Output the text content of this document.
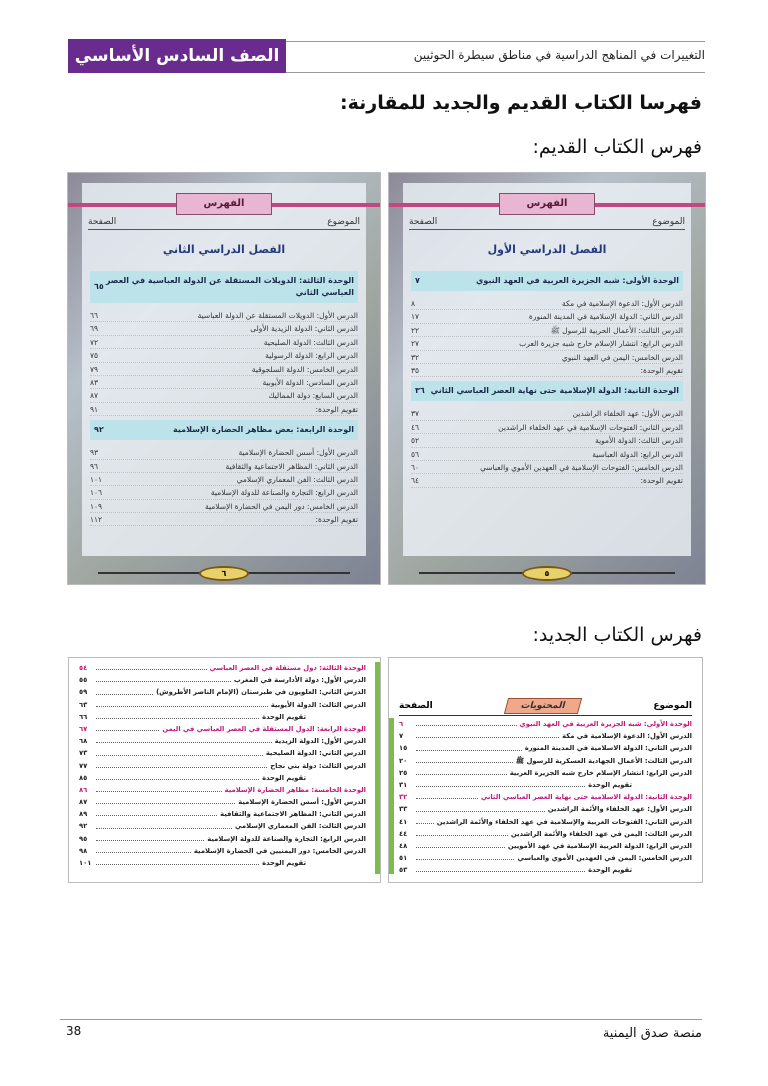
الصف السادس الأساسي	التغييرات في المناهج الدراسية في مناطق سيطرة الحوثيين
فهرسا الكتاب القديم والجديد للمقارنة:
فهرس الكتاب القديم:
الفهرس
الموضوع
الصفحة
الفصل الدراسي الأول
الوحدة الأولى: شبه الجزيرة العربية في العهد النبوي
٧
الدرس الأول: الدعوة الإسلامية في مكة
٨
الدرس الثاني: الدولة الإسلامية في المدينة المنورة
١٧
الدرس الثالث: الأعمال الحربية للرسول ﷺ
٢٢
الدرس الرابع: انتشار الإسلام خارج شبه جزيرة العرب
٢٧
الدرس الخامس: اليمن في العهد النبوي
٣٢
تقويم الوحدة:
٣٥
الوحدة الثانية: الدولة الإسلامية حتى نهاية العصر العباسي الثاني
٣٦
الدرس الأول: عهد الخلفاء الراشدين
٣٧
الدرس الثاني: الفتوحات الإسلامية في عهد الخلفاء الراشدين
٤٦
الدرس الثالث: الدولة الأموية
٥٢
الدرس الرابع: الدولة العباسية
٥٦
الدرس الخامس: الفتوحات الإسلامية في العهدين الأموي والعباسي
٦٠
تقويم الوحدة:
٦٤
٥
الفهرس
الموضوع
الصفحة
الفصل الدراسي الثاني
الوحدة الثالثة: الدويلات المستقلة عن الدولة العباسية في العصر العباسي الثاني
٦٥
الدرس الأول: الدويلات المستقلة عن الدولة العباسية
٦٦
الدرس الثاني: الدولة الزيدية الأولى
٦٩
الدرس الثالث: الدولة الصليحية
٧٢
الدرس الرابع: الدولة الرسولية
٧٥
الدرس الخامس: الدولة السلجوقية
٧٩
الدرس السادس: الدولة الأيوبية
٨٣
الدرس السابع: دولة المماليك
٨٧
تقويم الوحدة:
٩١
الوحدة الرابعة: بعض مظاهر الحضارة الإسلامية
٩٢
الدرس الأول: أسس الحضارة الإسلامية
٩٣
الدرس الثاني: المظاهر الاجتماعية والثقافية
٩٦
الدرس الثالث: الفن المعماري الإسلامي
١٠١
الدرس الرابع: التجارة والصناعة للدولة الإسلامية
١٠٦
الدرس الخامس: دور اليمن في الحضارة الإسلامية
١٠٩
تقويم الوحدة:
١١٢
٦
فهرس الكتاب الجديد:
الموضوع
المحتويات
الصفحة
الوحدة الأولى: شبه الجزيرة العربية في العهد النبوي
٦
الدرس الأول: الدعوة الإسلامية في مكة
٧
الدرس الثاني: الدولة الاسلامية في المدينة المنورة
١٥
الدرس الثالث: الأعمال الجهادية العسكرية للرسول ﷺ
٢٠
الدرس الرابع: انتشار الإسلام خارج شبه الجزيرة العربية
٢٥
تقويم الوحدة
٣١
الوحدة الثانية: الدولة الاسلامية حتى نهاية العصر العباسي الثاني
٣٢
الدرس الأول: عهد الخلفاء والأئمة الراشدين
٣٣
الدرس الثاني: الفتوحات العربية والإسلامية في عهد الخلفاء والأئمة الراشدين
٤١
الدرس الثالث: اليمن في عهد الخلفاء والأئمة الراشدين
٤٤
الدرس الرابع: الدولة العربية الإسلامية في عهد الأمويين
٤٨
الدرس الخامس: اليمن في العهدين الأموي والعباسي
٥١
تقويم الوحدة
٥٣
الوحدة الثالثة: دول مستقلة في العصر العباسي
٥٤
الدرس الأول: دولة الأدارسة في المغرب
٥٥
الدرس الثاني: العلويون في طبرستان (الإمام الناصر الأطروش)
٥٩
الدرس الثالث: الدولة الأيوبية
٦٣
تقويم الوحدة
٦٦
الوحدة الرابعة: الدول المستقلة في العصر العباسي في اليمن
٦٧
الدرس الأول: الدولة الزيدية
٦٨
الدرس الثاني: الدولة الصليحية
٧٣
الدرس الثالث: دولة بني نجاح
٧٧
تقويم الوحدة
٨٥
الوحدة الخامسة: مظاهر الحضارة الإسلامية
٨٦
الدرس الأول: أسس الحضارة الإسلامية
٨٧
الدرس الثاني: المظاهر الاجتماعية والثقافية
٨٩
الدرس الثالث: الفن المعماري الإسلامي
٩٢
الدرس الرابع: التجارة والصناعة للدولة الإسلامية
٩٥
الدرس الخامس: دور اليمنيين في الحضارة الإسلامية
٩٨
تقويم الوحدة
١٠١
منصة صدق اليمنية
38
